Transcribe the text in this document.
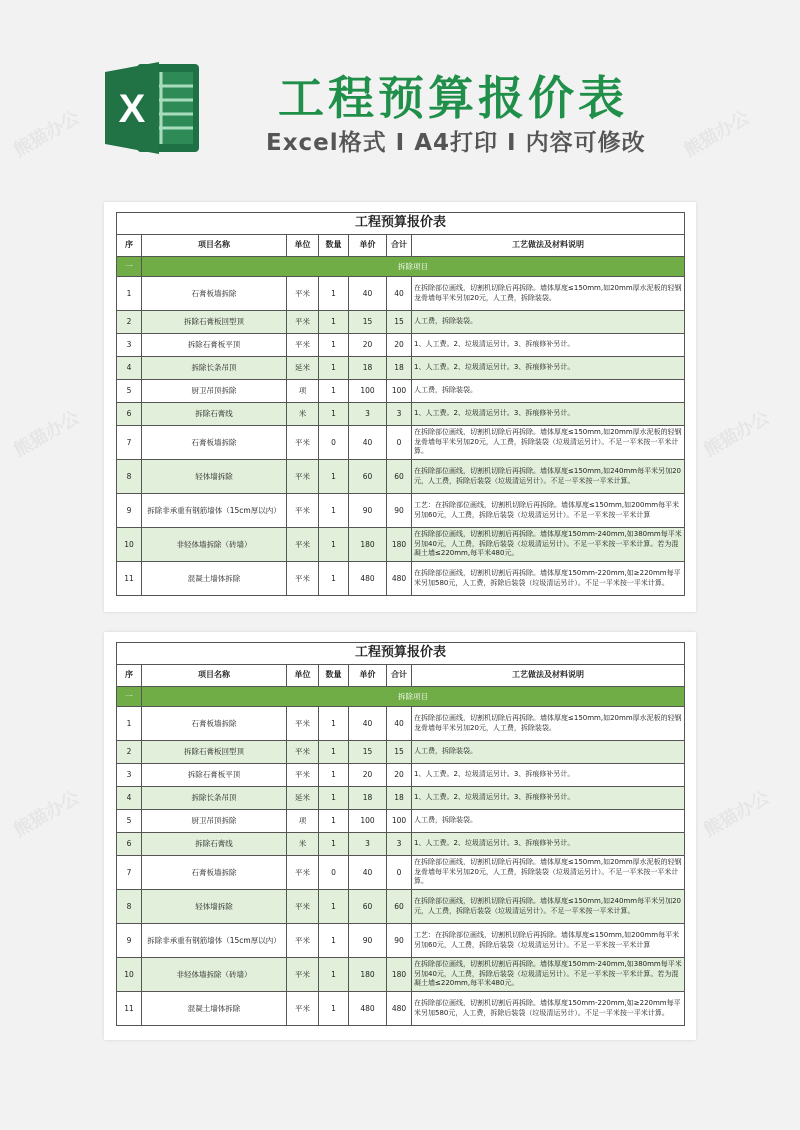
X	工程预算报价表
Excel格式 I A4打印 I 内容可修改
工程预算报价表						
序	项目名称	单位	数量	单价	合计	工艺做法及材料说明
一	拆除项目					
1	石膏板墙拆除	平米	1	40	40	在拆除部位画线，切割机切除后再拆除。墙体厚度≤150mm,如20mm厚水泥板的轻钢龙骨墙每平米另加20元，人工费，拆除装袋。
2	拆除石膏板回型顶	平米	1	15	15	人工费，拆除装袋。
3	拆除石膏板平顶	平米	1	20	20	1、人工费。2、垃圾清运另计。3、拆痕修补另计。
4	拆除长条吊顶	延米	1	18	18	1、人工费。2、垃圾清运另计。3、拆痕修补另计。
5	厨卫吊顶拆除	项	1	100	100	人工费，拆除装袋。
6	拆除石膏线	米	1	3	3	1、人工费。2、垃圾清运另计。3、拆痕修补另计。
7	石膏板墙拆除	平米	0	40	0	在拆除部位画线，切割机切除后再拆除。墙体厚度≤150mm,如20mm厚水泥板的轻钢龙骨墙每平米另加20元，人工费，拆除装袋（垃圾清运另计）。不足一平米按一平米计算。
8	轻体墙拆除	平米	1	60	60	在拆除部位画线，切割机切除后再拆除。墙体厚度≤150mm,如240mm每平米另加20元，人工费，拆除后装袋（垃圾清运另计）。不足一平米按一平米计算。
9	拆除非承重有钢筋墙体（15cm厚以内）	平米	1	90	90	工艺：在拆除部位画线，切割机切除后再拆除。墙体厚度≤150mm,如200mm每平米另加60元，人工费，拆除后装袋（垃圾清运另计）。不足一平米按一平米计算
10	非轻体墙拆除（砖墙）	平米	1	180	180	在拆除部位画线，切割机切割后再拆除。墙体厚度150mm-240mm,如380mm每平米另加40元，人工费，拆除后装袋（垃圾清运另计）。不足一平米按一平米计算。若为混凝土墙≤220mm,每平米480元。
11	混凝土墙体拆除	平米	1	480	480	在拆除部位画线，切割机切割后再拆除。墙体厚度150mm-220mm,如≥220mm每平米另加580元，人工费，拆除后装袋（垃圾清运另计）。不足一平米按一平米计算。
工程预算报价表						
序	项目名称	单位	数量	单价	合计	工艺做法及材料说明
一	拆除项目					
1	石膏板墙拆除	平米	1	40	40	在拆除部位画线，切割机切除后再拆除。墙体厚度≤150mm,如20mm厚水泥板的轻钢龙骨墙每平米另加20元，人工费，拆除装袋。
2	拆除石膏板回型顶	平米	1	15	15	人工费，拆除装袋。
3	拆除石膏板平顶	平米	1	20	20	1、人工费。2、垃圾清运另计。3、拆痕修补另计。
4	拆除长条吊顶	延米	1	18	18	1、人工费。2、垃圾清运另计。3、拆痕修补另计。
5	厨卫吊顶拆除	项	1	100	100	人工费，拆除装袋。
6	拆除石膏线	米	1	3	3	1、人工费。2、垃圾清运另计。3、拆痕修补另计。
7	石膏板墙拆除	平米	0	40	0	在拆除部位画线，切割机切除后再拆除。墙体厚度≤150mm,如20mm厚水泥板的轻钢龙骨墙每平米另加20元，人工费，拆除装袋（垃圾清运另计）。不足一平米按一平米计算。
8	轻体墙拆除	平米	1	60	60	在拆除部位画线，切割机切除后再拆除。墙体厚度≤150mm,如240mm每平米另加20元，人工费，拆除后装袋（垃圾清运另计）。不足一平米按一平米计算。
9	拆除非承重有钢筋墙体（15cm厚以内）	平米	1	90	90	工艺：在拆除部位画线，切割机切除后再拆除。墙体厚度≤150mm,如200mm每平米另加60元，人工费，拆除后装袋（垃圾清运另计）。不足一平米按一平米计算
10	非轻体墙拆除（砖墙）	平米	1	180	180	在拆除部位画线，切割机切割后再拆除。墙体厚度150mm-240mm,如380mm每平米另加40元，人工费，拆除后装袋（垃圾清运另计）。不足一平米按一平米计算。若为混凝土墙≤220mm,每平米480元。
11	混凝土墙体拆除	平米	1	480	480	在拆除部位画线，切割机切割后再拆除。墙体厚度150mm-220mm,如≥220mm每平米另加580元，人工费，拆除后装袋（垃圾清运另计）。不足一平米按一平米计算。
熊猫办公	熊猫办公
熊猫办公	熊猫办公
熊猫办公	熊猫办公
